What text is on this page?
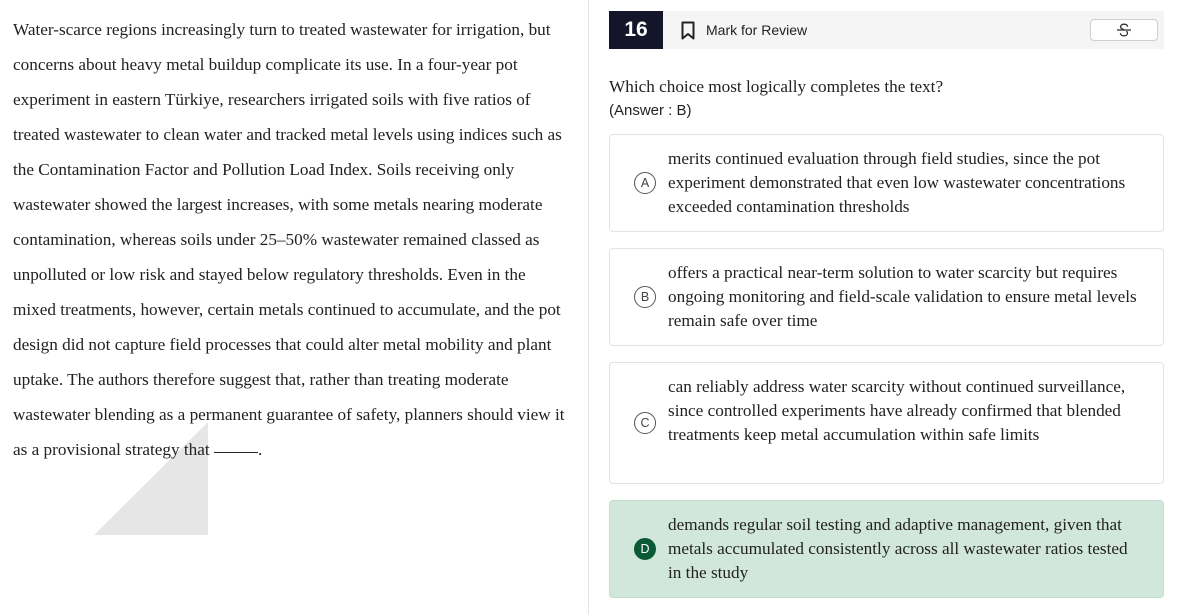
Water-scarce regions increasingly turn to treated wastewater for irrigation, but concerns about heavy metal buildup complicate its use. In a four-year pot experiment in eastern Türkiye, researchers irrigated soils with five ratios of treated wastewater to clean water and tracked metal levels using indices such as the Contamination Factor and Pollution Load Index. Soils receiving only wastewater showed the largest increases, with some metals nearing moderate contamination, whereas soils under 25–50% wastewater remained classed as unpolluted or low risk and stayed below regulatory thresholds. Even in the mixed treatments, however, certain metals continued to accumulate, and the pot design did not capture field processes that could alter metal mobility and plant uptake. The authors therefore suggest that, rather than treating moderate wastewater blending as a permanent guarantee of safety, planners should view it as a provisional strategy that	.

16	Mark for Review
Which choice most logically completes the text?
(Answer : B)
A
merits continued evaluation through field studies, since the pot experiment demonstrated that even low wastewater concentrations exceeded contamination thresholds
B
offers a practical near-term solution to water scarcity but requires ongoing monitoring and field-scale validation to ensure metal levels remain safe over time
C
can reliably address water scarcity without continued surveillance, since controlled experiments have already confirmed that blended treatments keep metal accumulation within safe limits
D
demands regular soil testing and adaptive management, given that metals accumulated consistently across all wastewater ratios tested in the study
